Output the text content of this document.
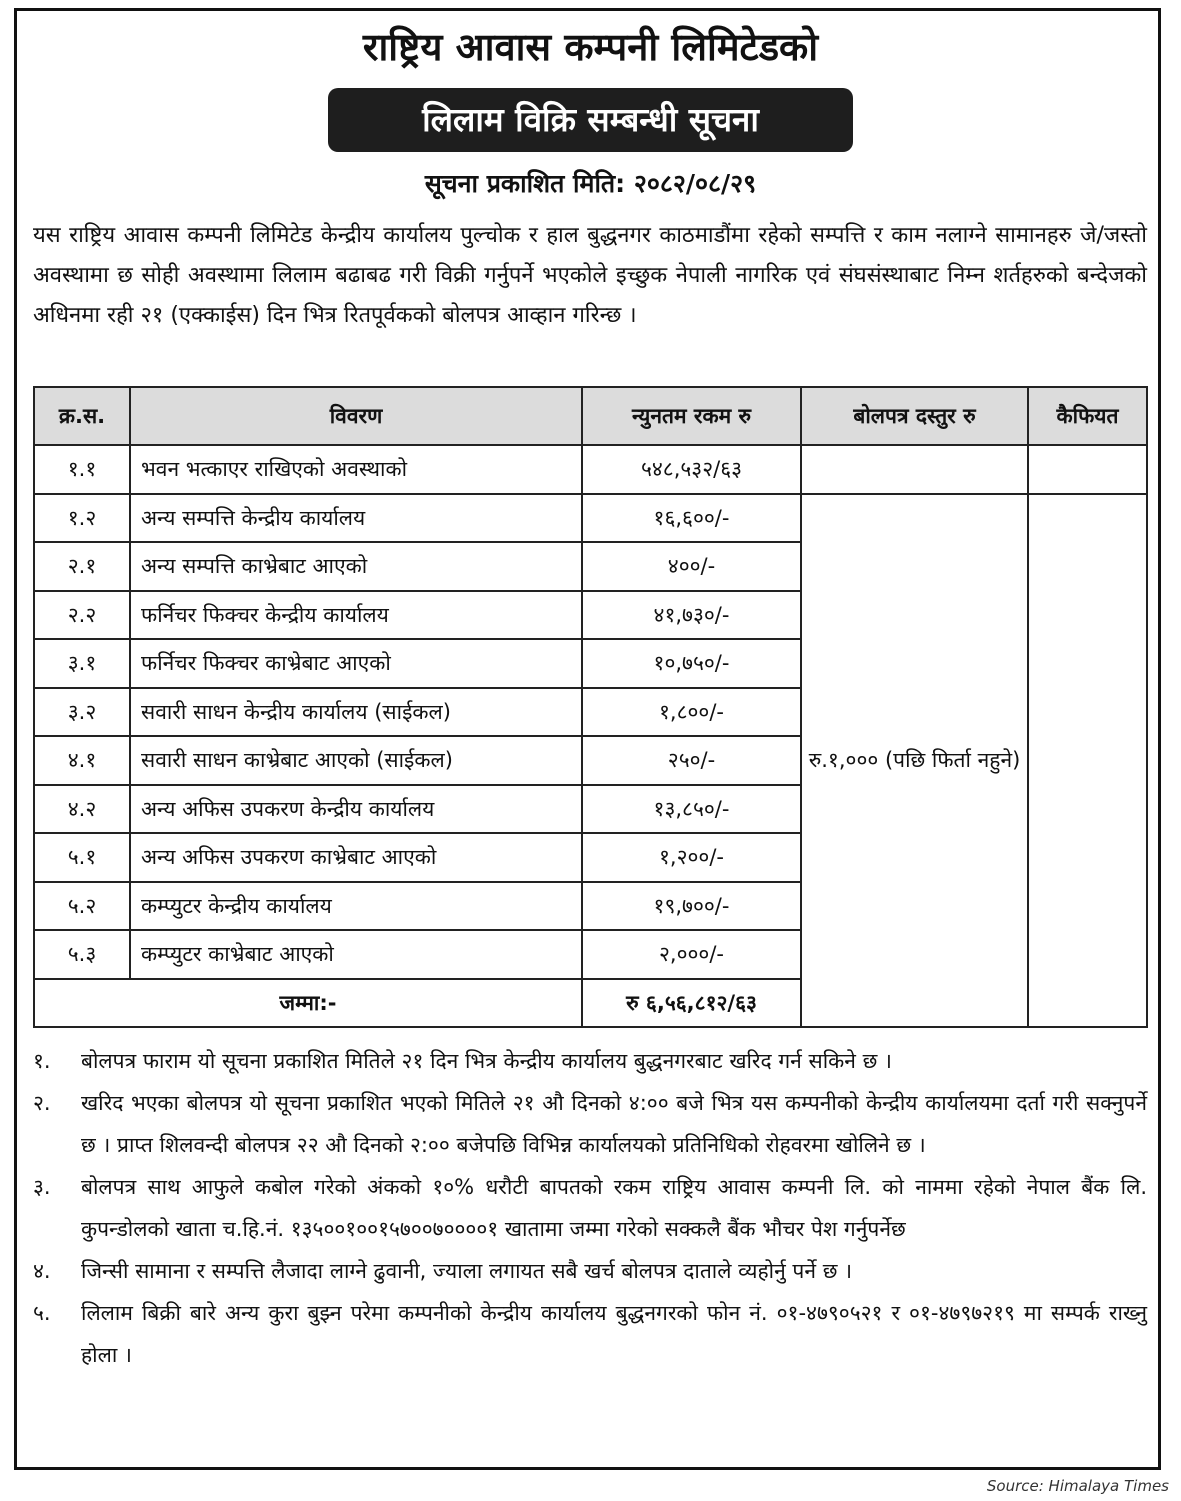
राष्ट्रिय आवास कम्पनी लिमिटेडको
लिलाम विक्रि सम्बन्धी सूचना
सूचना प्रकाशित मिति: २०८२/०८/२९

यस राष्ट्रिय आवास कम्पनी लिमिटेड केन्द्रीय कार्यालय पुल्चोक र हाल बुद्धनगर काठमाडौंमा रहेको सम्पत्ति र काम नलाग्ने सामानहरु जे/जस्तो अवस्थामा छ सोही अवस्थामा लिलाम बढाबढ गरी विक्री गर्नुपर्ने भएकोले इच्छुक नेपाली नागरिक एवं संघसंस्थाबाट निम्न शर्तहरुको बन्देजको अधिनमा रही २१ (एक्काईस) दिन भित्र रितपूर्वकको बोलपत्र आव्हान गरिन्छ ।

क्र.स.	विवरण	न्युनतम रकम रु	बोलपत्र दस्तुर रु	कैफियत
१.१	भवन भत्काएर राखिएको अवस्थाको	५४८,५३२/६३		
१.२	अन्य सम्पत्ति केन्द्रीय कार्यालय	१६,६००/-	रु.१,००० (पछि फिर्ता नहुने)	
२.१	अन्य सम्पत्ति काभ्रेबाट आएको	४००/-		
२.२	फर्निचर फिक्चर केन्द्रीय कार्यालय	४१,७३०/-		
३.१	फर्निचर फिक्चर काभ्रेबाट आएको	१०,७५०/-		
३.२	सवारी साधन केन्द्रीय कार्यालय (साईकल)	१,८००/-		
४.१	सवारी साधन काभ्रेबाट आएको (साईकल)	२५०/-		
४.२	अन्य अफिस उपकरण केन्द्रीय कार्यालय	१३,८५०/-		
५.१	अन्य अफिस उपकरण काभ्रेबाट आएको	१,२००/-		
५.२	कम्प्युटर केन्द्रीय कार्यालय	१९,७००/-		
५.३	कम्प्युटर काभ्रेबाट आएको	२,०००/-		
जम्मा:-		रु ६,५६,८१२/६३		
१.	बोलपत्र फाराम यो सूचना प्रकाशित मितिले २१ दिन भित्र केन्द्रीय कार्यालय बुद्धनगरबाट खरिद गर्न सकिने छ ।
२.	खरिद भएका बोलपत्र यो सूचना प्रकाशित भएको मितिले २१ औ दिनको ४:०० बजे भित्र यस कम्पनीको केन्द्रीय कार्यालयमा दर्ता गरी सक्नुपर्ने छ । प्राप्त शिलवन्दी बोलपत्र २२ औ दिनको २:०० बजेपछि विभिन्न कार्यालयको प्रतिनिधिको रोहवरमा खोलिने छ ।
३.	बोलपत्र साथ आफुले कबोल गरेको अंकको १०% धरौटी बापतको रकम राष्ट्रिय आवास कम्पनी लि. को नाममा रहेको नेपाल बैंक लि. कुपन्डोलको खाता च.हि.नं. १३५००१००१५७००७००००१ खातामा जम्मा गरेको सक्कलै बैंक भौचर पेश गर्नुपर्नेछ
४.	जिन्सी सामाना र सम्पत्ति लैजादा लाग्ने ढुवानी, ज्याला लगायत सबै खर्च बोलपत्र दाताले व्यहोर्नु पर्ने छ ।
५.	लिलाम बिक्री बारे अन्य कुरा बुझ्न परेमा कम्पनीको केन्द्रीय कार्यालय बुद्धनगरको फोन नं. ०१-४७९०५२१ र ०१-४७९७२१९ मा सम्पर्क राख्नु होला ।
Source: Himalaya Times
